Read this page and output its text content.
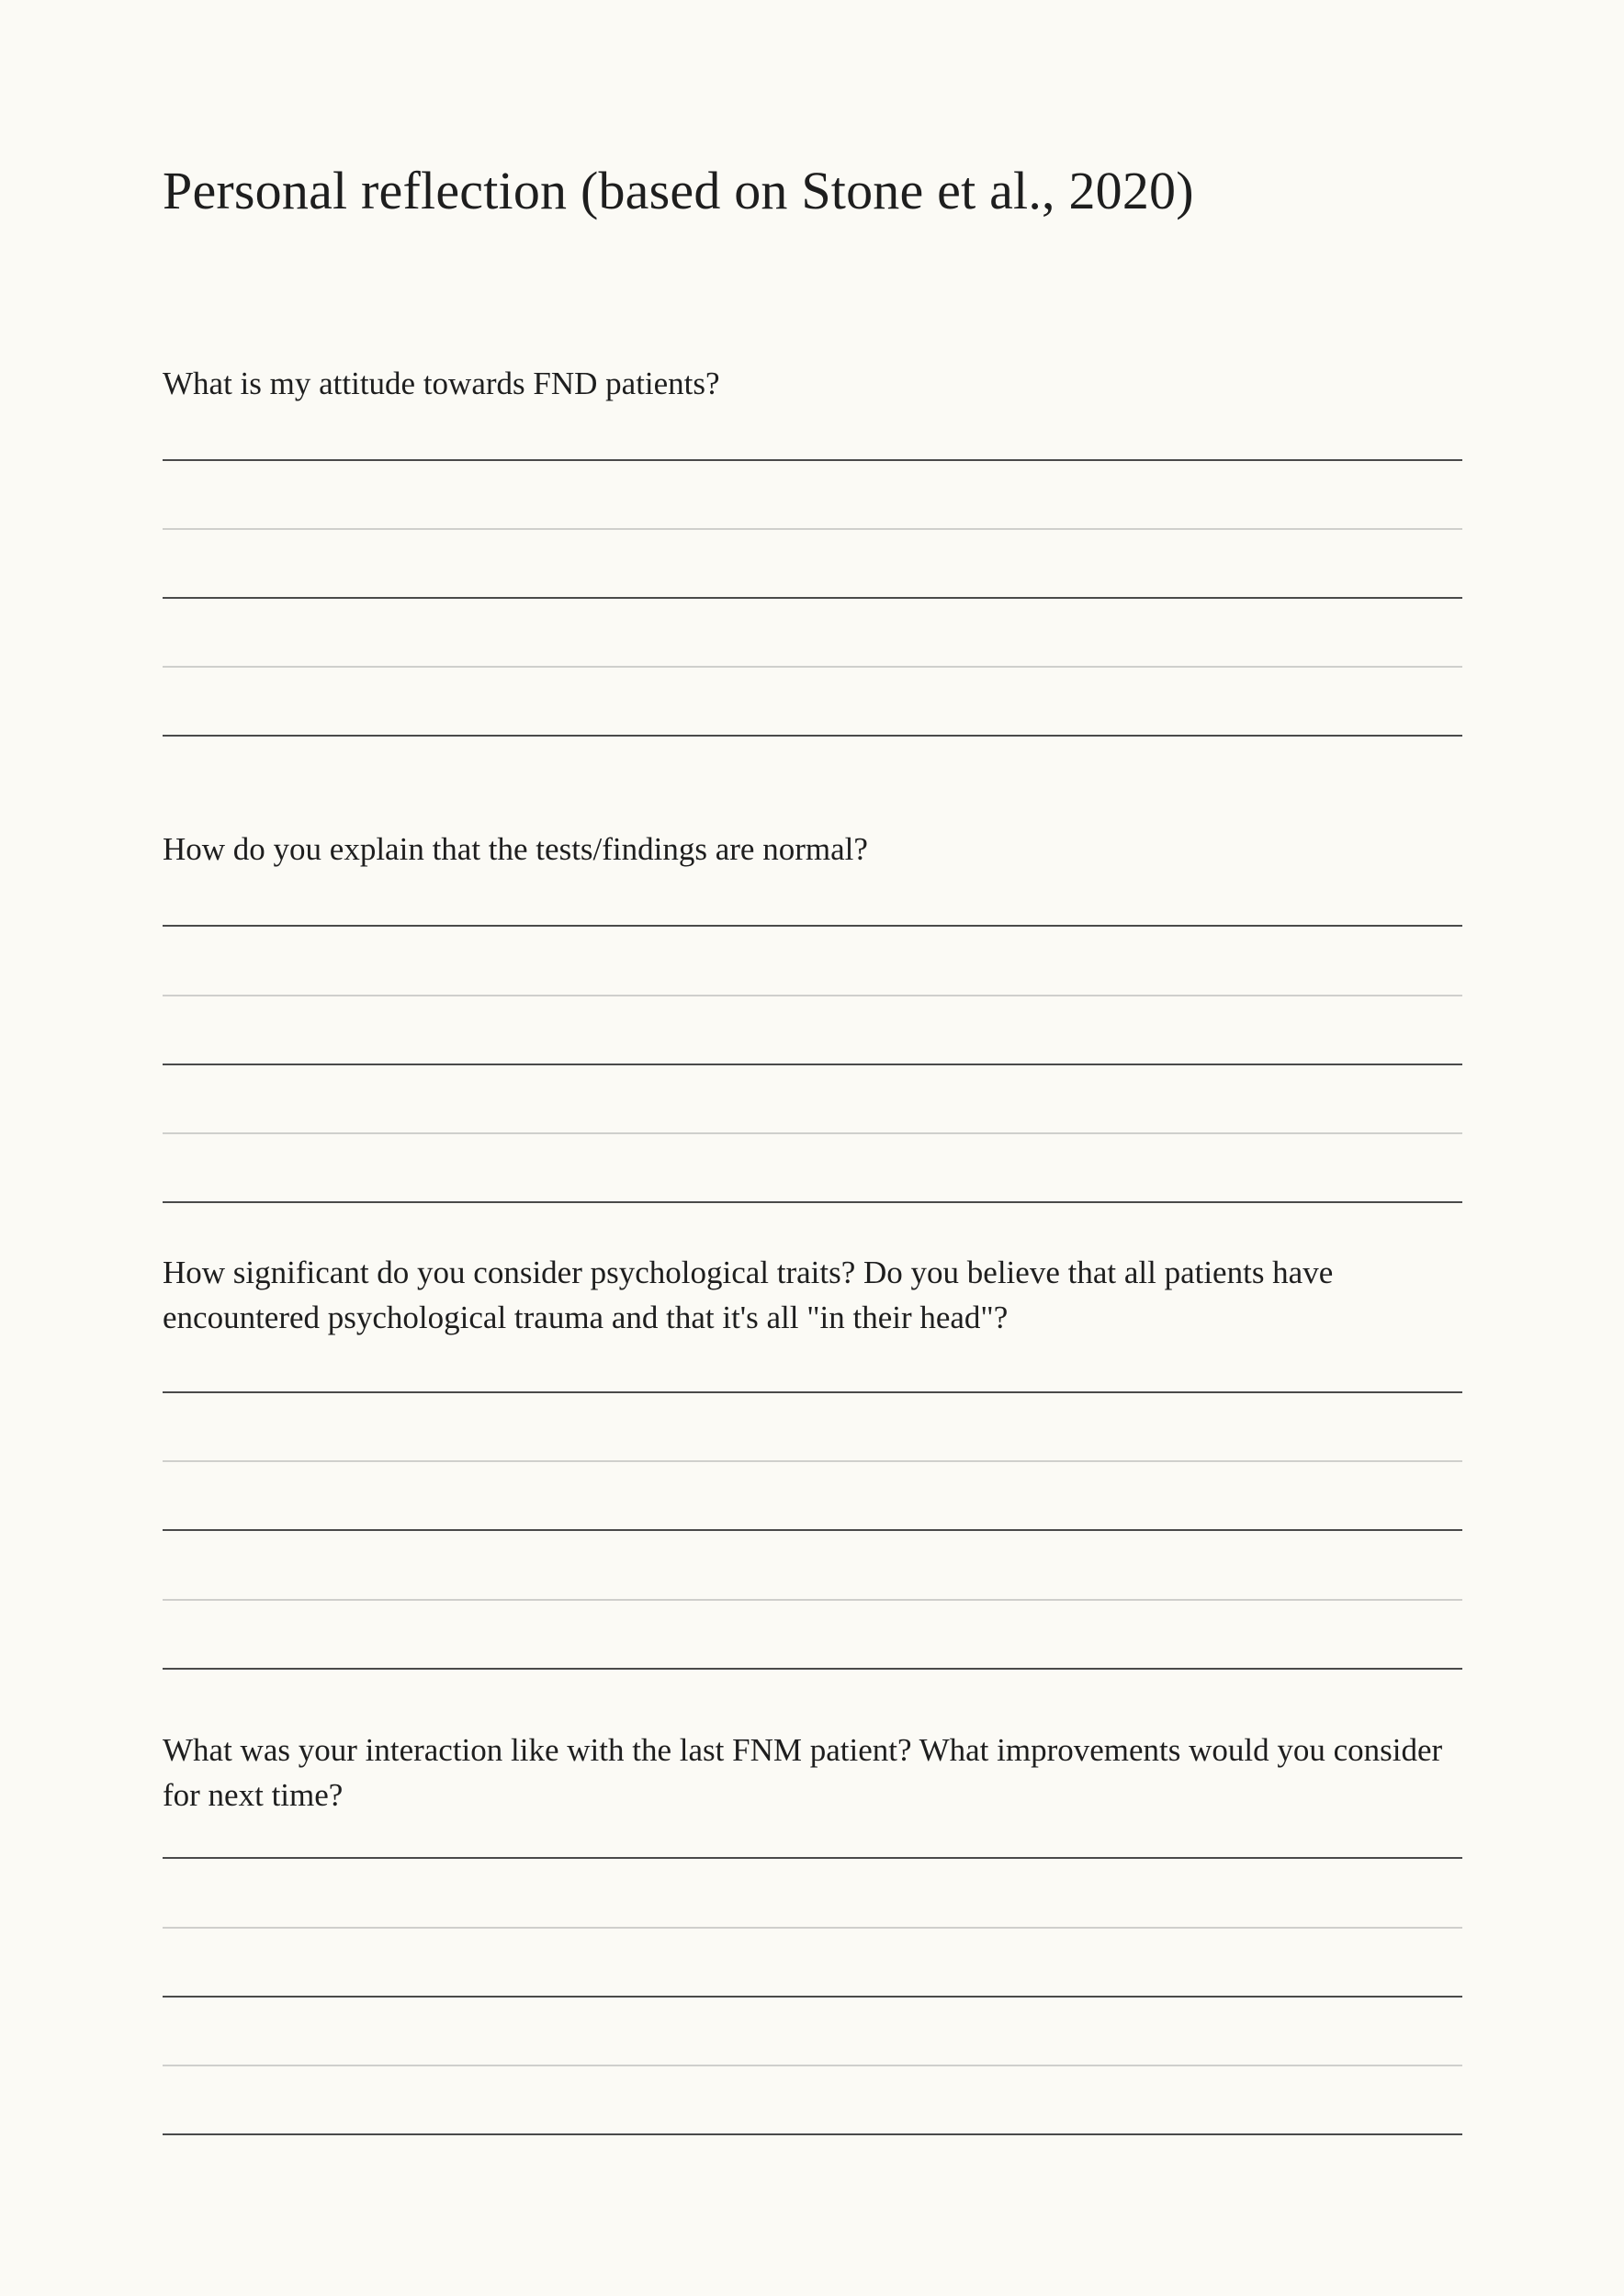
Personal reflection (based on Stone et al., 2020)

What is my attitude towards FND patients?

How do you explain that the tests/findings are normal?

How significant do you consider psychological traits? Do you believe that all patients have encountered psychological trauma and that it's all "in their head"?

What was your interaction like with the last FNM patient? What improvements would you consider for next time?
